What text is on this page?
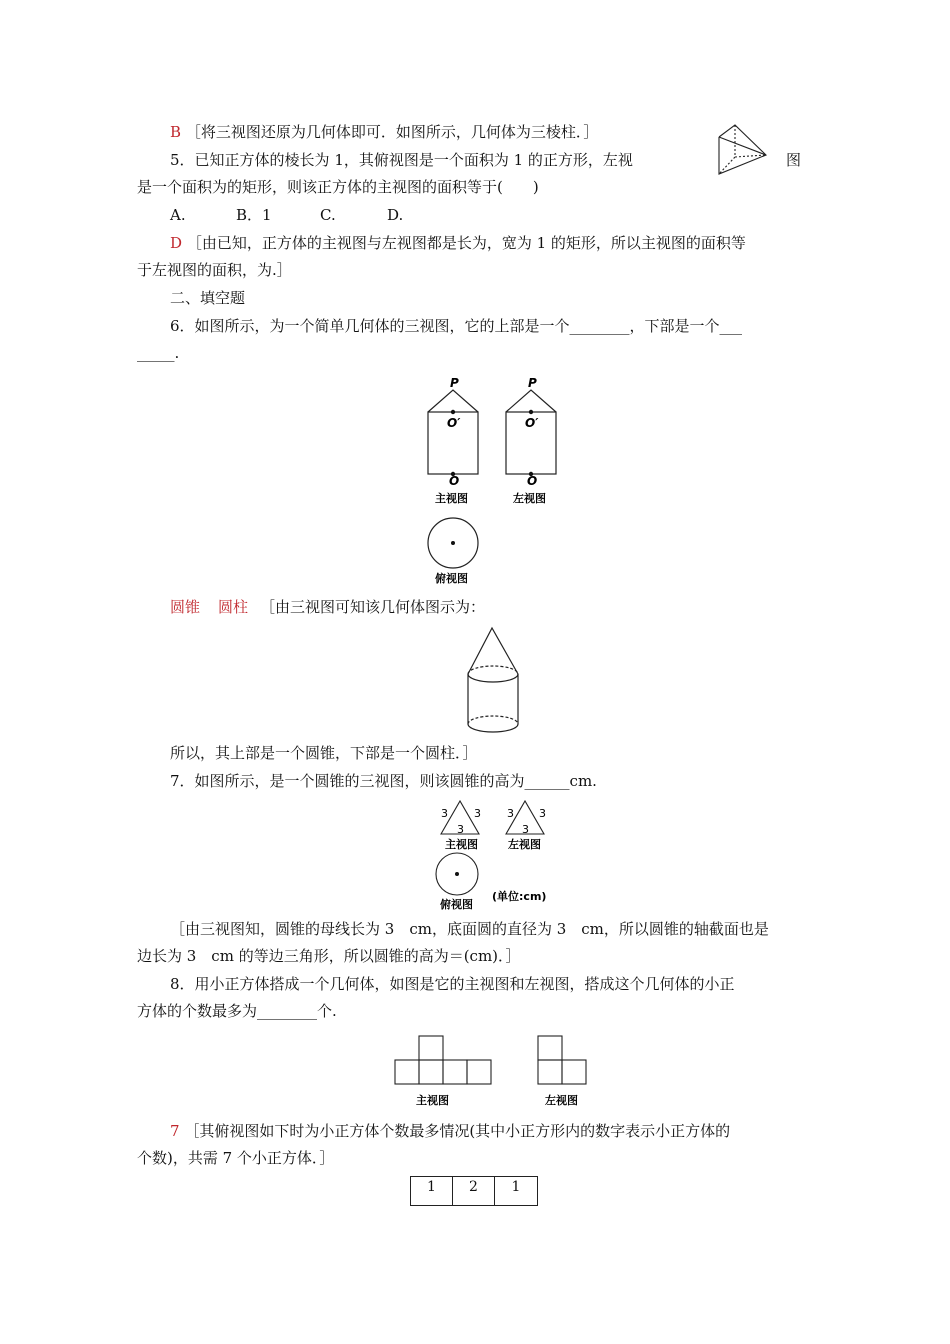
B ［将三视图还原为几何体即可．如图所示，几何体为三棱柱．］
5．已知正方体的棱长为 1，其俯视图是一个面积为 1 的正方形，左视	图
是一个面积为的矩形，则该正方体的主视图的面积等于(　　)
A.	B．1	C.	D.
D ［由已知，正方体的主视图与左视图都是长为，宽为 1 的矩形，所以主视图的面积等
于左视图的面积，为.］
二、填空题
6．如图所示，为一个简单几何体的三视图，它的上部是一个________，下部是一个___
_____.
P
O′
O
P
O′
O
主视图	左视图
俯视图
圆锥 圆柱 ［由三视图可知该几何体图示为：
所以，其上部是一个圆锥，下部是一个圆柱．］
7．如图所示，是一个圆锥的三视图，则该圆锥的高为______cm.
3 3
3
3 3
3
主视图	左视图
俯视图
(单位:cm)
［由三视图知，圆锥的母线长为 3　cm，底面圆的直径为 3　cm，所以圆锥的轴截面也是
边长为 3　cm 的等边三角形，所以圆锥的高为＝(cm)．］
8．用小正方体搭成一个几何体，如图是它的主视图和左视图，搭成这个几何体的小正
方体的个数最多为________个.
主视图	左视图
7 ［其俯视图如下时为小正方体个数最多情况(其中小正方形内的数字表示小正方体的
个数)，共需 7 个小正方体．］
1	2	1
